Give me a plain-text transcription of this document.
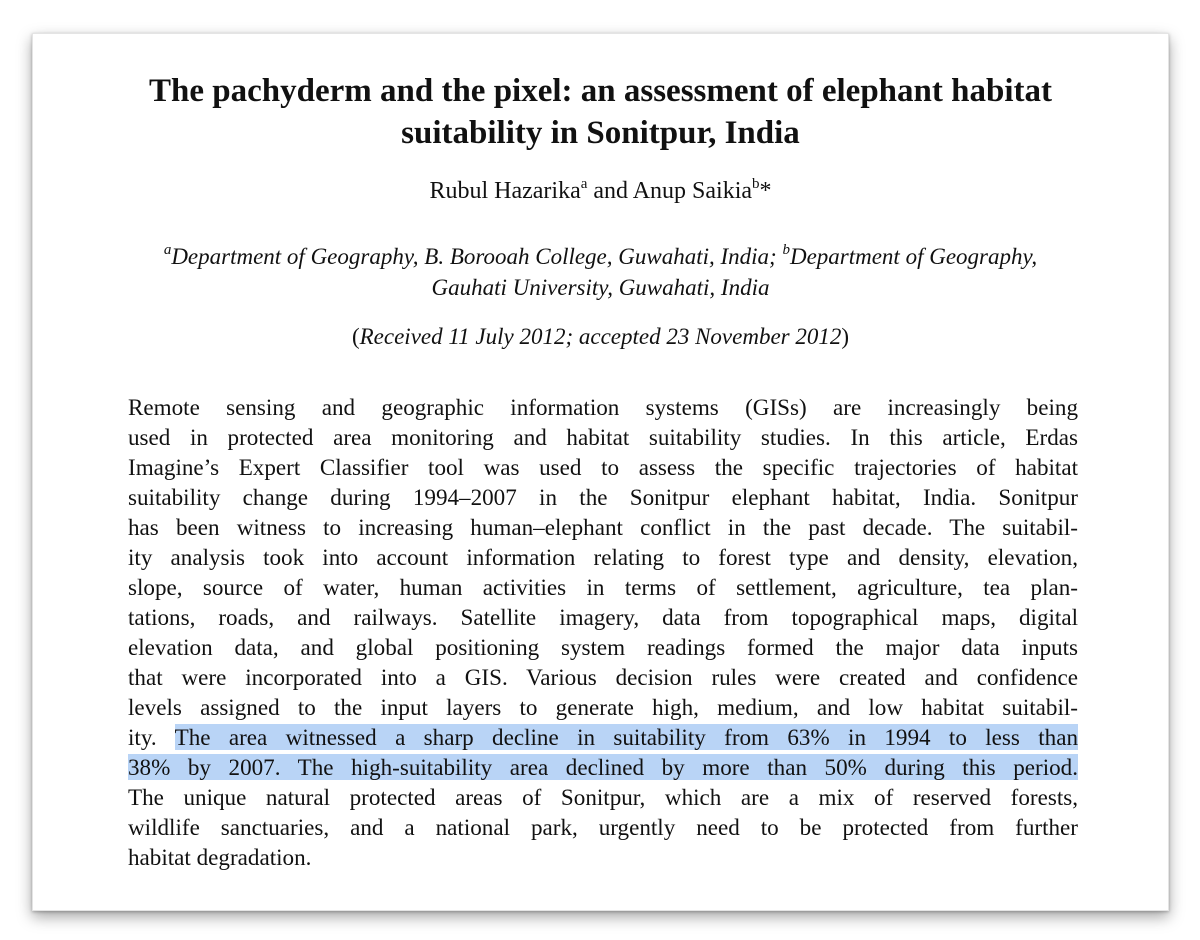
The pachyderm and the pixel: an assessment of elephant habitat
suitability in Sonitpur, India
Rubul Hazarika$^a$ and Anup Saikia$^b$*
$^a$Department of Geography, B. Borooah College, Guwahati, India; $^b$Department of Geography,
Gauhati University, Guwahati, India
(Received 11 July 2012; accepted 23 November 2012)
Remote sensing and geographic information systems (GISs) are increasingly being
used in protected area monitoring and habitat suitability studies. In this article, Erdas
Imagine’s Expert Classifier tool was used to assess the specific trajectories of habitat
suitability change during 1994–2007 in the Sonitpur elephant habitat, India. Sonitpur
has been witness to increasing human–elephant conflict in the past decade. The suitabil-
ity analysis took into account information relating to forest type and density, elevation,
slope, source of water, human activities in terms of settlement, agriculture, tea plan-
tations, roads, and railways. Satellite imagery, data from topographical maps, digital
elevation data, and global positioning system readings formed the major data inputs
that were incorporated into a GIS. Various decision rules were created and confidence
levels assigned to the input layers to generate high, medium, and low habitat suitabil-
ity. The area witnessed a sharp decline in suitability from 63% in 1994 to less than
38% by 2007. The high-suitability area declined by more than 50% during this period.
The unique natural protected areas of Sonitpur, which are a mix of reserved forests,
wildlife sanctuaries, and a national park, urgently need to be protected from further
habitat degradation.
